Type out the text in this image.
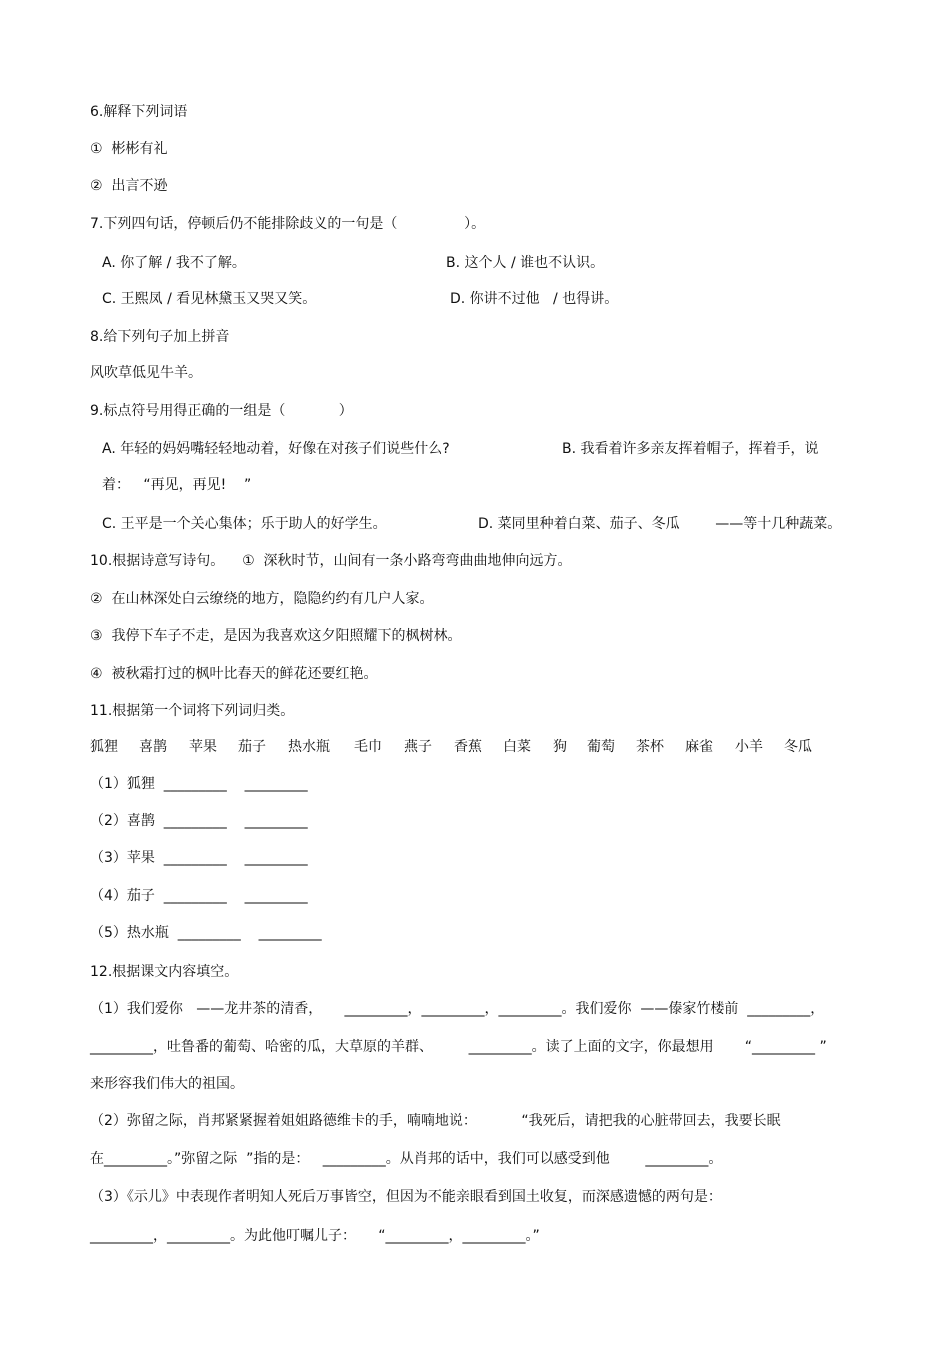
6.解释下列词语
①  彬彬有礼
②  出言不逊
7.下列四句话，停顿后仍不能排除歧义的一句是（               ）。
A. 你了解 / 我不了解。	B. 这个人 / 谁也不认识。
C. 王熙凤 / 看见林黛玉又哭又笑。	D. 你讲不过他   / 也得讲。
8.给下列句子加上拼音
风吹草低见牛羊。
9.标点符号用得正确的一组是（            ）
A. 年轻的妈妈嘴轻轻地动着，好像在对孩子们说些什么?	B. 我看着许多亲友挥着帽子，挥着手，说
着：   “再见，再见!    ”
C. 王平是一个关心集体；乐于助人的好学生。	D. 菜同里种着白菜、茄子、冬瓜        ——等十几种蔬菜。
10.根据诗意写诗句。    ①  深秋时节，山间有一条小路弯弯曲曲地伸向远方。
②  在山林深处白云缭绕的地方，隐隐约约有几户人家。
③  我停下车子不走，是因为我喜欢这夕阳照耀下的枫树林。
④  被秋霜打过的枫叶比春天的鲜花还要红艳。
11.根据第一个词将下列词归类。
狐狸 喜鹊 苹果 茄子 热水瓶 毛巾 燕子 香蕉 白菜 狗 葡萄 茶杯 麻雀 小羊 冬瓜
（1）狐狸  _________    _________
（2）喜鹊  _________    _________
（3）苹果  _________    _________
（4）茄子  _________    _________
（5）热水瓶  _________    _________
12.根据课文内容填空。
（1）我们爱你   ——龙井茶的清香，     _________，_________，_________。我们爱你  ——傣家竹楼前  _________，
_________，吐鲁番的葡萄、哈密的瓜，大草原的羊群、        _________。读了上面的文字，你最想用       “_________ ”
来形容我们伟大的祖国。
（2）弥留之际，肖邦紧紧握着姐姐路德维卡的手，喃喃地说：          “我死后，请把我的心脏带回去，我要长眠
在_________。”弥留之际  ”指的是：   _________。从肖邦的话中，我们可以感受到他        _________。
（3）《示儿》中表现作者明知人死后万事皆空，但因为不能亲眼看到国土收复，而深感遗憾的两句是：
_________，_________。为此他叮嘱儿子：     “_________，_________。”
